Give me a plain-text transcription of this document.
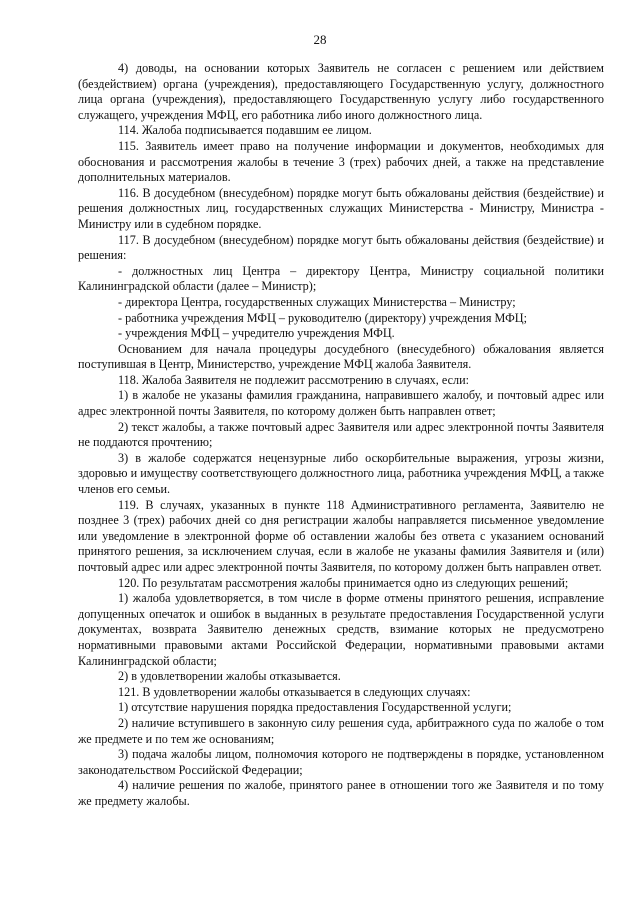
28

4) доводы, на основании которых Заявитель не согласен с решением или действием (бездействием) органа (учреждения), предоставляющего Государственную услугу, должностного лица органа (учреждения), предоставляющего Государственную услугу либо государственного служащего, учреждения МФЦ, его работника либо иного должностного лица.

114. Жалоба подписывается подавшим ее лицом.

115. Заявитель имеет право на получение информации и документов, необходимых для обоснования и рассмотрения жалобы в течение 3 (трех) рабочих дней, а также на представление дополнительных материалов.

116. В досудебном (внесудебном) порядке могут быть обжалованы действия (бездействие) и решения должностных лиц, государственных служащих Министерства - Министру, Министра - Министру или в судебном порядке.

117. В досудебном (внесудебном) порядке могут быть обжалованы действия (бездействие) и решения:

- должностных лиц Центра – директору Центра, Министру социальной политики Калининградской области (далее – Министр);

- директора Центра, государственных служащих Министерства – Министру;

- работника учреждения МФЦ – руководителю (директору) учреждения МФЦ;

- учреждения МФЦ – учредителю учреждения МФЦ.

Основанием для начала процедуры досудебного (внесудебного) обжалования является поступившая в Центр, Министерство, учреждение МФЦ жалоба Заявителя.

118. Жалоба Заявителя не подлежит рассмотрению в случаях, если:

1) в жалобе не указаны фамилия гражданина, направившего жалобу, и почтовый адрес или адрес электронной почты Заявителя, по которому должен быть направлен ответ;

2) текст жалобы, а также почтовый адрес Заявителя или адрес электронной почты Заявителя не поддаются прочтению;

3) в жалобе содержатся нецензурные либо оскорбительные выражения, угрозы жизни, здоровью и имуществу соответствующего должностного лица, работника учреждения МФЦ, а также членов его семьи.

119. В случаях, указанных в пункте 118 Административного регламента, Заявителю не позднее 3 (трех) рабочих дней со дня регистрации жалобы направляется письменное уведомление или уведомление в электронной форме об оставлении жалобы без ответа с указанием оснований принятого решения, за исключением случая, если в жалобе не указаны фамилия Заявителя и (или) почтовый адрес или адрес электронной почты Заявителя, по которому должен быть направлен ответ.

120. По результатам рассмотрения жалобы принимается одно из следующих решений;

1) жалоба удовлетворяется, в том числе в форме отмены принятого решения, исправление допущенных опечаток и ошибок в выданных в результате предоставления Государственной услуги документах, возврата Заявителю денежных средств, взимание которых не предусмотрено нормативными правовыми актами Российской Федерации, нормативными правовыми актами Калининградской области;

2) в удовлетворении жалобы отказывается.

121. В удовлетворении жалобы отказывается в следующих случаях:

1) отсутствие нарушения порядка предоставления Государственной услуги;

2) наличие вступившего в законную силу решения суда, арбитражного суда по жалобе о том же предмете и по тем же основаниям;

3) подача жалобы лицом, полномочия которого не подтверждены в порядке, установленном законодательством Российской Федерации;

4) наличие решения по жалобе, принятого ранее в отношении того же Заявителя и по тому же предмету жалобы.
